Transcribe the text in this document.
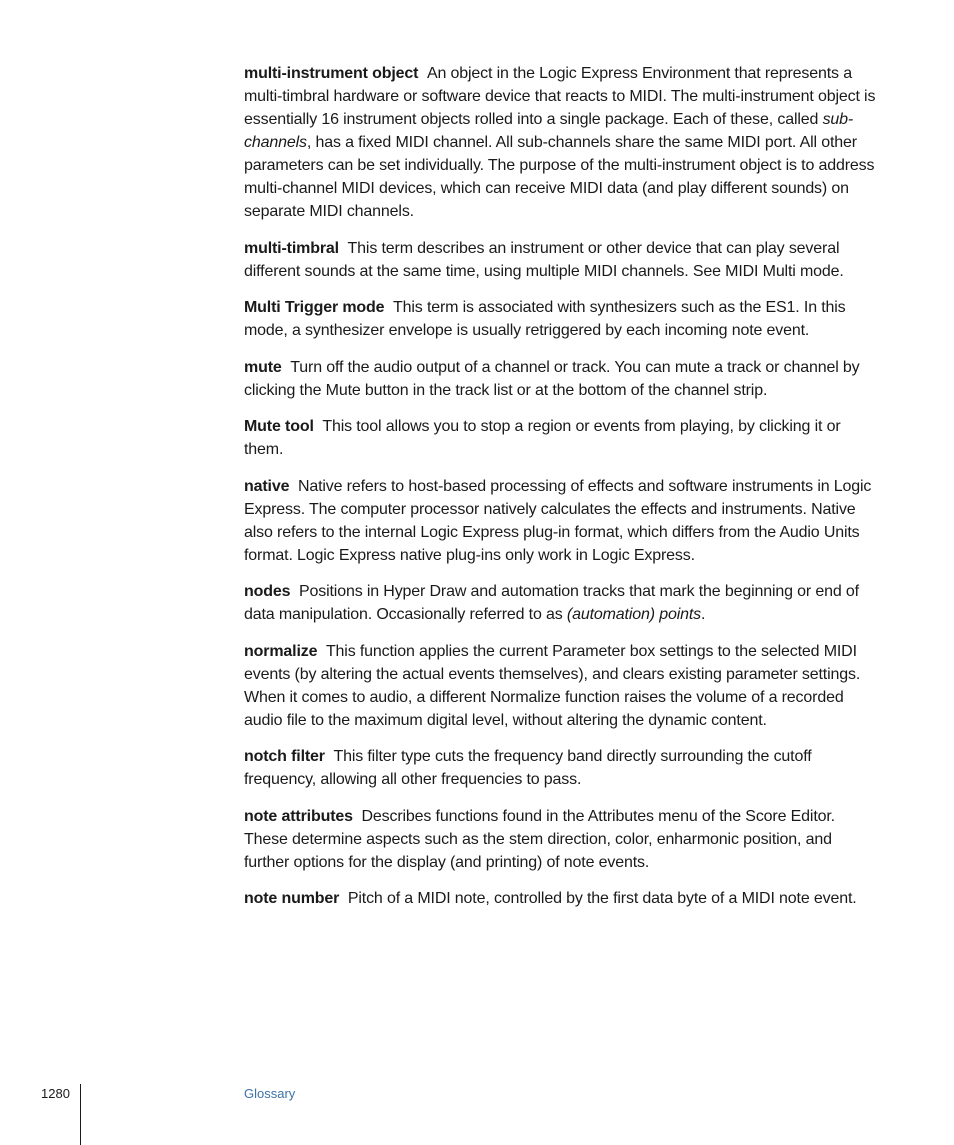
multi-instrument object An object in the Logic Express Environment that represents a multi-timbral hardware or software device that reacts to MIDI. The multi-instrument object is essentially 16 instrument objects rolled into a single package. Each of these, called sub-channels, has a fixed MIDI channel. All sub-channels share the same MIDI port. All other parameters can be set individually. The purpose of the multi-instrument object is to address multi-channel MIDI devices, which can receive MIDI data (and play different sounds) on separate MIDI channels.

multi-timbral This term describes an instrument or other device that can play several different sounds at the same time, using multiple MIDI channels. See MIDI Multi mode.

Multi Trigger mode This term is associated with synthesizers such as the ES1. In this mode, a synthesizer envelope is usually retriggered by each incoming note event.

mute Turn off the audio output of a channel or track. You can mute a track or channel by clicking the Mute button in the track list or at the bottom of the channel strip.

Mute tool This tool allows you to stop a region or events from playing, by clicking it or them.

native Native refers to host-based processing of effects and software instruments in Logic Express. The computer processor natively calculates the effects and instruments. Native also refers to the internal Logic Express plug-in format, which differs from the Audio Units format. Logic Express native plug-ins only work in Logic Express.

nodes Positions in Hyper Draw and automation tracks that mark the beginning or end of data manipulation. Occasionally referred to as (automation) points.

normalize This function applies the current Parameter box settings to the selected MIDI events (by altering the actual events themselves), and clears existing parameter settings. When it comes to audio, a different Normalize function raises the volume of a recorded audio file to the maximum digital level, without altering the dynamic content.

notch filter This filter type cuts the frequency band directly surrounding the cutoff frequency, allowing all other frequencies to pass.

note attributes Describes functions found in the Attributes menu of the Score Editor. These determine aspects such as the stem direction, color, enharmonic position, and further options for the display (and printing) of note events.

note number Pitch of a MIDI note, controlled by the first data byte of a MIDI note event.

1280	Glossary
